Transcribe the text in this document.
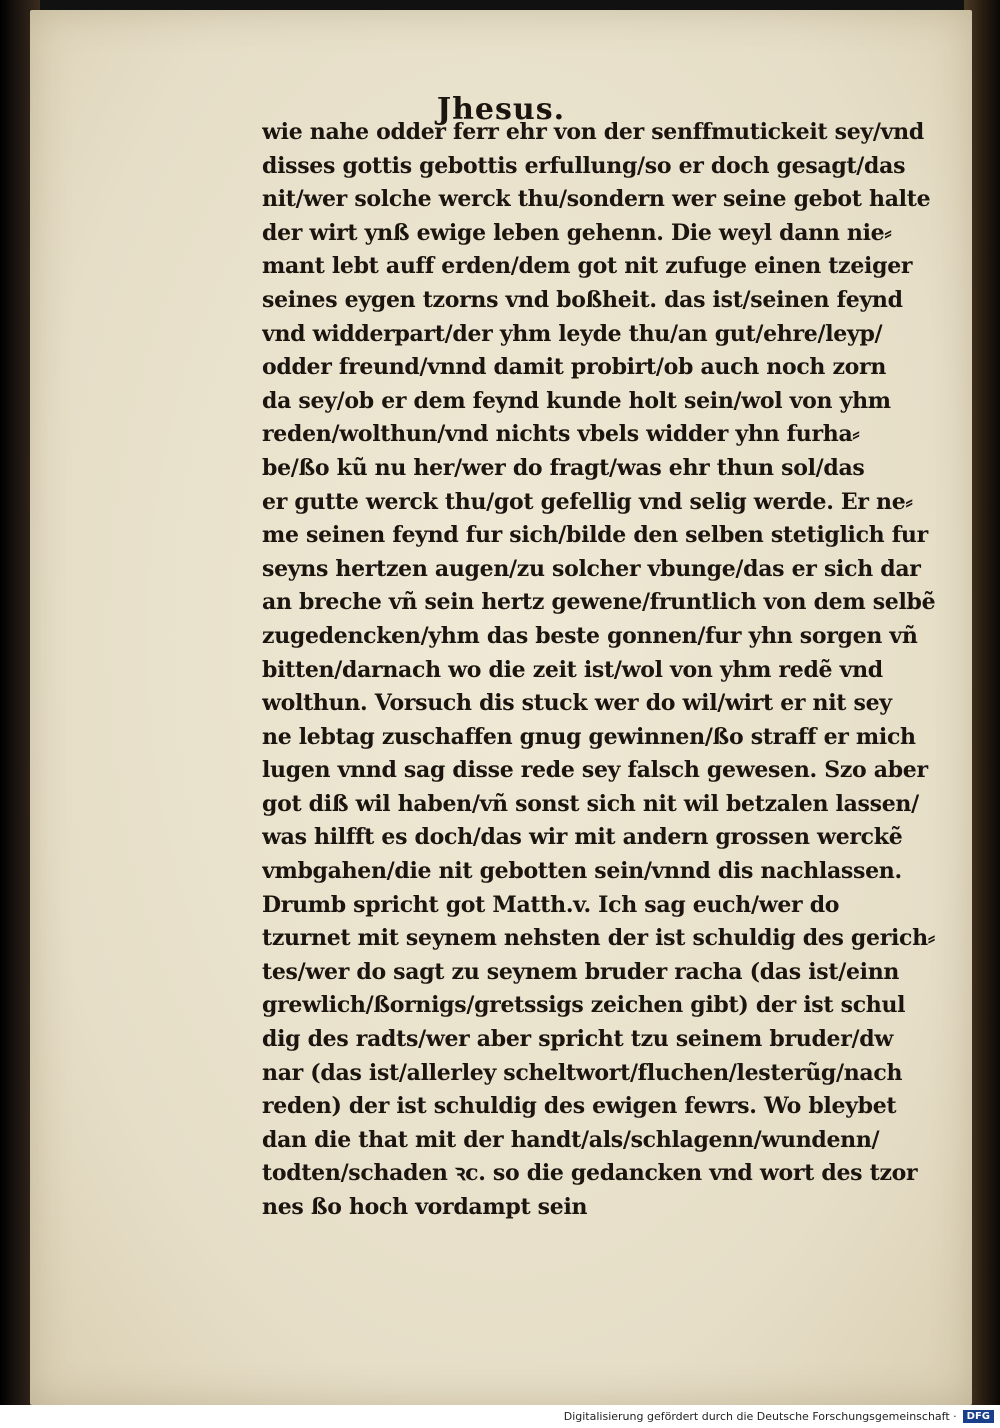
Jhesus.
wie nahe odder ferr ehr von der senffmutickeit sey/vnd
disses gottis gebottis erfullung/so er doch gesagt/das
nit/wer solche werck thu/sondern wer seine gebot halte
der wirt ynß ewige leben gehenn. Die weyl dann nie⸗
mant lebt auff erden/dem got nit zufuge einen tzeiger
seines eygen tzorns vnd boßheit. das ist/seinen feynd
vnd widderpart/der yhm leyde thu/an gut/ehre/leyp/
odder freund/vnnd damit probirt/ob auch noch zorn
da sey/ob er dem feynd kunde holt sein/wol von yhm
reden/wolthun/vnd nichts vbels widder yhn furha⸗
be/ßo kũ nu her/wer do fragt/was ehr thun sol/das
er gutte werck thu/got gefellig vnd selig werde. Er ne⸗
me seinen feynd fur sich/bilde den selben stetiglich fur
seyns hertzen augen/zu solcher vbunge/das er sich dar
an breche vñ sein hertz gewene/fruntlich von dem selbẽ
zugedencken/yhm das beste gonnen/fur yhn sorgen vñ
bitten/darnach wo die zeit ist/wol von yhm redẽ vnd
wolthun. Vorsuch dis stuck wer do wil/wirt er nit sey
ne lebtag zuschaffen gnug gewinnen/ßo straff er mich
lugen vnnd sag disse rede sey falsch gewesen. Szo aber
got diß wil haben/vñ sonst sich nit wil betzalen lassen/
was hilfft es doch/das wir mit andern grossen werckẽ
vmbgahen/die nit gebotten sein/vnnd dis nachlassen.
Drumb spricht got Matth.v. Ich sag euch/wer do
tzurnet mit seynem nehsten der ist schuldig des gerich⸗
tes/wer do sagt zu seynem bruder racha (das ist/einn
grewlich/ßornigs/gretssigs zeichen gibt) der ist schul
dig des radts/wer aber spricht tzu seinem bruder/dw
nar (das ist/allerley scheltwort/fluchen/lesterũg/nach
reden) der ist schuldig des ewigen fewrs. Wo bleybet
dan die that mit der handt/als/schlagenn/wundenn/
todten/schaden ꝛc. so die gedancken vnd wort des tzor
nes ßo hoch vordampt sein
Digitalisierung gefördert durch die Deutsche Forschungsgemeinschaft ·	DFG
